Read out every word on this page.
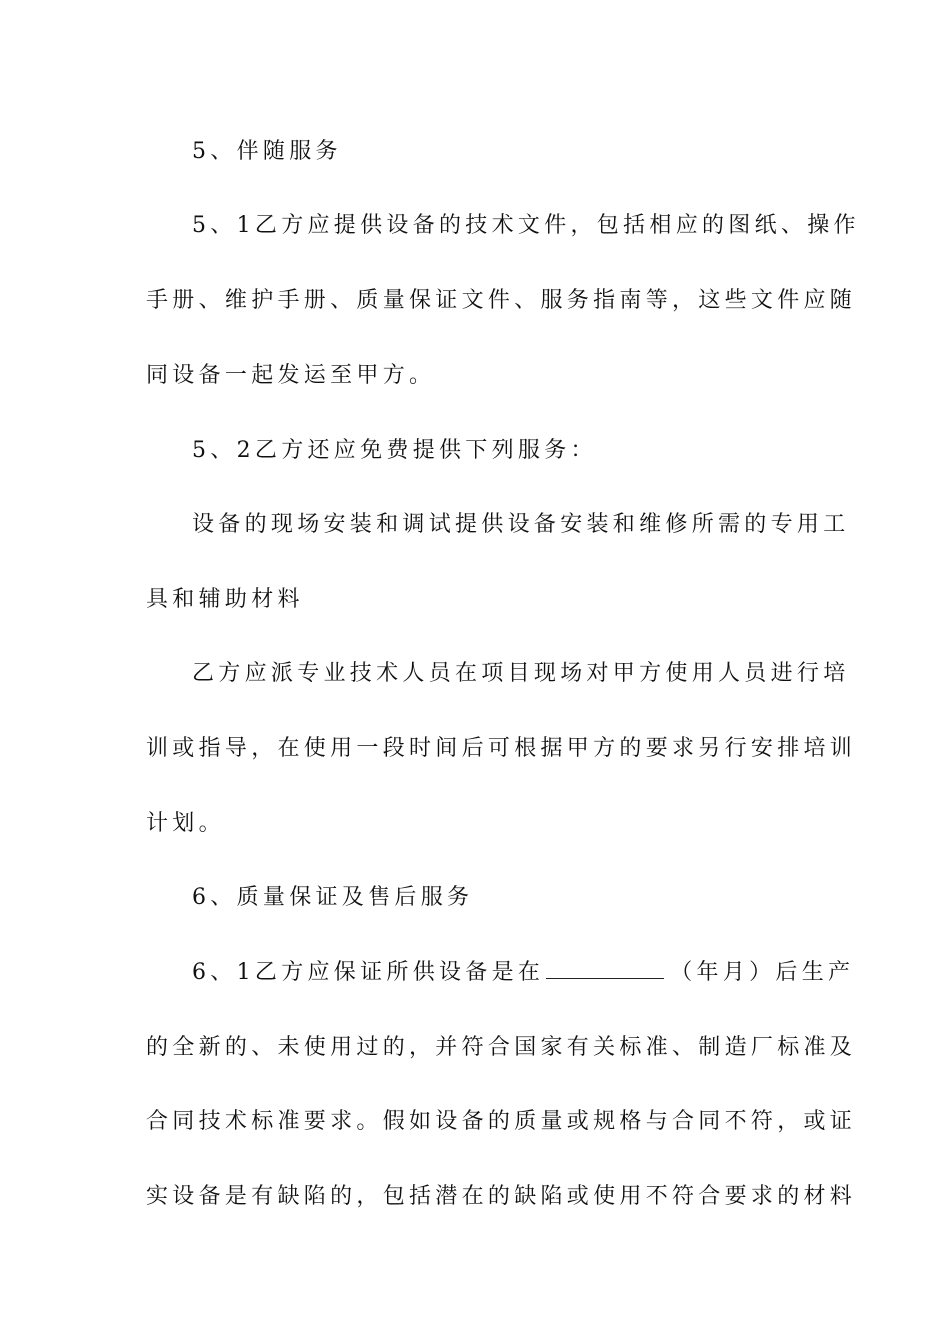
5、伴随服务
5、1乙方应提供设备的技术文件，包括相应的图纸、操作
手册、维护手册、质量保证文件、服务指南等，这些文件应随
同设备一起发运至甲方。
5、2乙方还应免费提供下列服务：
设备的现场安装和调试提供设备安装和维修所需的专用工
具和辅助材料
乙方应派专业技术人员在项目现场对甲方使用人员进行培
训或指导，在使用一段时间后可根据甲方的要求另行安排培训
计划。
6、质量保证及售后服务
6、1乙方应保证所供设备是在	（年月）后生产
的全新的、未使用过的，并符合国家有关标准、制造厂标准及
合同技术标准要求。假如设备的质量或规格与合同不符，或证
实设备是有缺陷的，包括潜在的缺陷或使用不符合要求的材料
